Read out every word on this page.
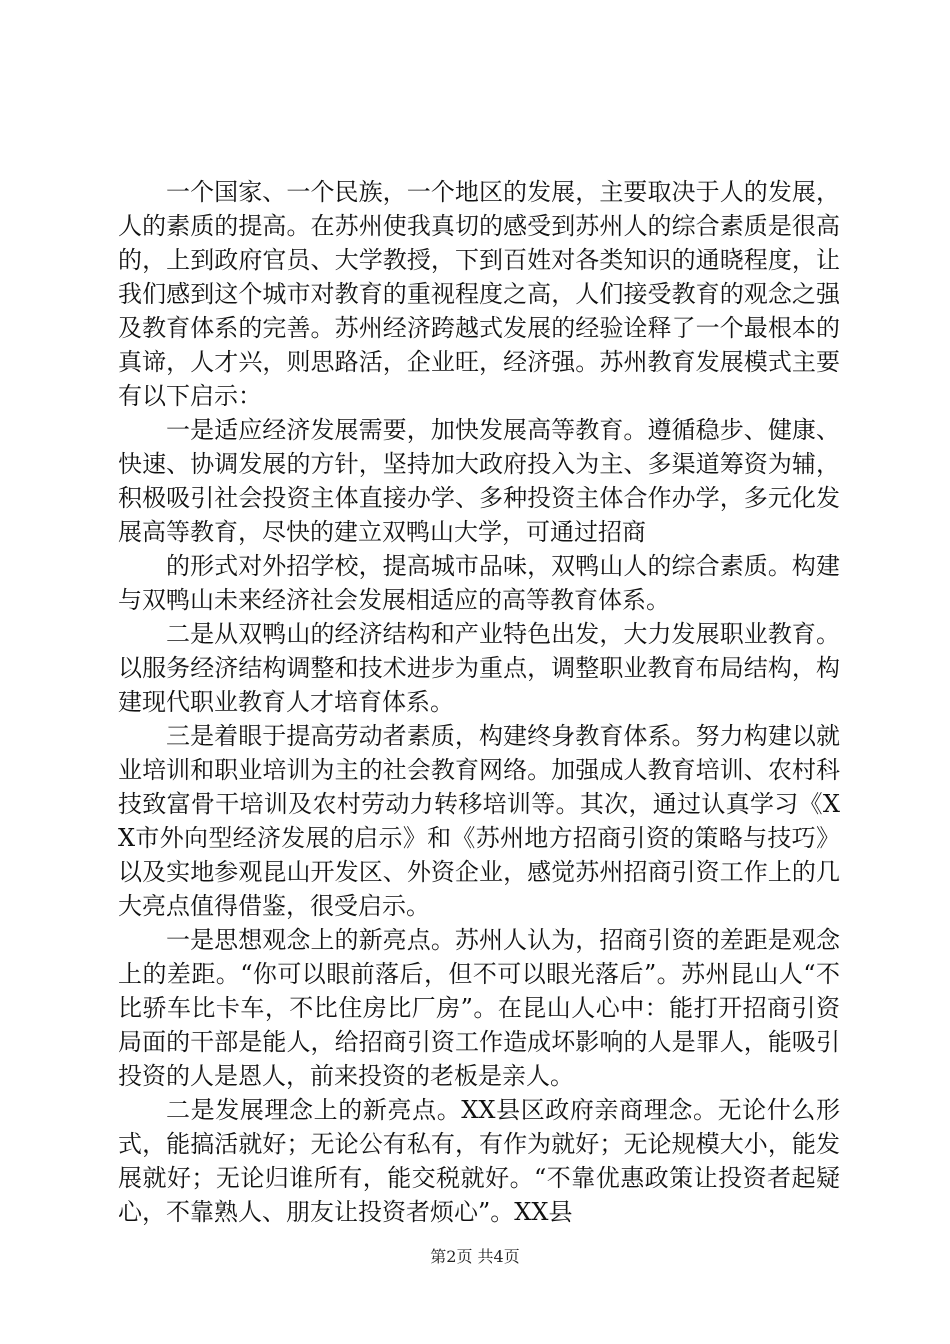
一个国家、一个民族，一个地区的发展，主要取决于人的发展，人的素质的提高。在苏州使我真切的感受到苏州人的综合素质是很高的，上到政府官员、大学教授，下到百姓对各类知识的通晓程度，让我们感到这个城市对教育的重视程度之高，人们接受教育的观念之强及教育体系的完善。苏州经济跨越式发展的经验诠释了一个最根本的真谛，人才兴，则思路活，企业旺，经济强。苏州教育发展模式主要有以下启示：

一是适应经济发展需要，加快发展高等教育。遵循稳步、健康、快速、协调发展的方针，坚持加大政府投入为主、多渠道筹资为辅，积极吸引社会投资主体直接办学、多种投资主体合作办学，多元化发展高等教育，尽快的建立双鸭山大学，可通过招商

的形式对外招学校，提高城市品味，双鸭山人的综合素质。构建与双鸭山未来经济社会发展相适应的高等教育体系。

二是从双鸭山的经济结构和产业特色出发，大力发展职业教育。以服务经济结构调整和技术进步为重点，调整职业教育布局结构，构建现代职业教育人才培育体系。

三是着眼于提高劳动者素质，构建终身教育体系。努力构建以就业培训和职业培训为主的社会教育网络。加强成人教育培训、农村科技致富骨干培训及农村劳动力转移培训等。其次，通过认真学习《XX市外向型经济发展的启示》和《苏州地方招商引资的策略与技巧》以及实地参观昆山开发区、外资企业，感觉苏州招商引资工作上的几大亮点值得借鉴，很受启示。

一是思想观念上的新亮点。苏州人认为，招商引资的差距是观念上的差距。“你可以眼前落后，但不可以眼光落后”。苏州昆山人“不比骄车比卡车，不比住房比厂房”。在昆山人心中：能打开招商引资局面的干部是能人，给招商引资工作造成坏影响的人是罪人，能吸引投资的人是恩人，前来投资的老板是亲人。

二是发展理念上的新亮点。XX县区政府亲商理念。无论什么形式，能搞活就好；无论公有私有，有作为就好；无论规模大小，能发展就好；无论归谁所有，能交税就好。“不靠优惠政策让投资者起疑心，不靠熟人、朋友让投资者烦心”。XX县

第2页 共4页
